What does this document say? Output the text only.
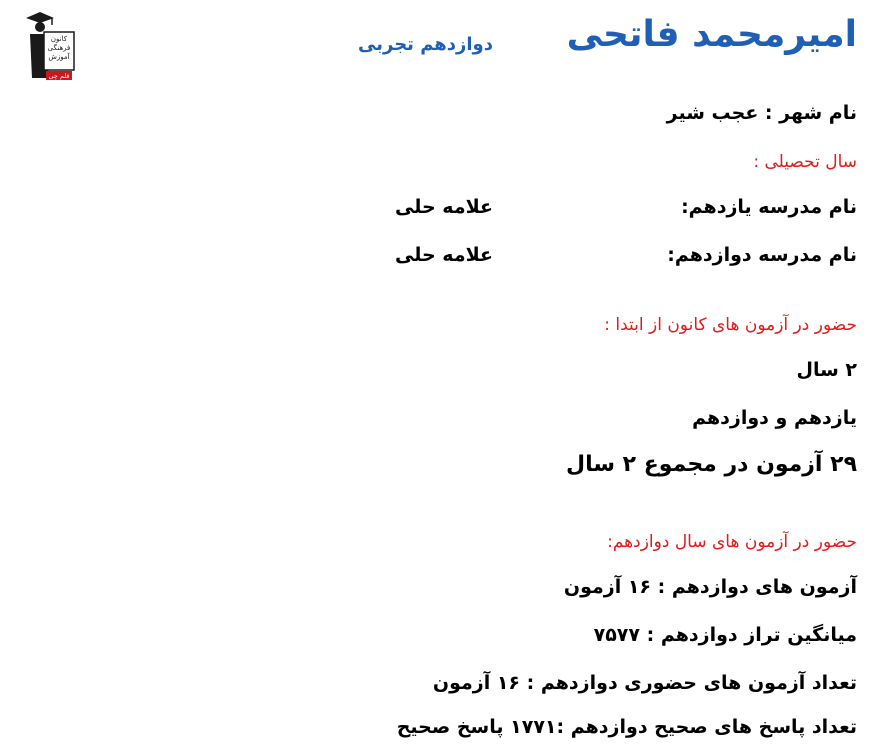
کانون
فرهنگی
آموزش
قلم چی
امیرمحمد فاتحی
دوازدهم تجربی
نام شهر : عجب شیر
سال تحصیلی :
نام مدرسه یازدهم:
علامه حلی
نام مدرسه دوازدهم:
علامه حلی
حضور در آزمون های کانون از ابتدا :
۲ سال
یازدهم و دوازدهم
۲۹ آزمون در مجموع ۲ سال
حضور در آزمون های سال دوازدهم:
آزمون های دوازدهم : ۱۶ آزمون
میانگین تراز دوازدهم : ۷۵۷۷
تعداد آزمون های حضوری دوازدهم : ۱۶ آزمون
تعداد پاسخ های صحیح دوازدهم :۱۷۷۱ پاسخ صحیح
